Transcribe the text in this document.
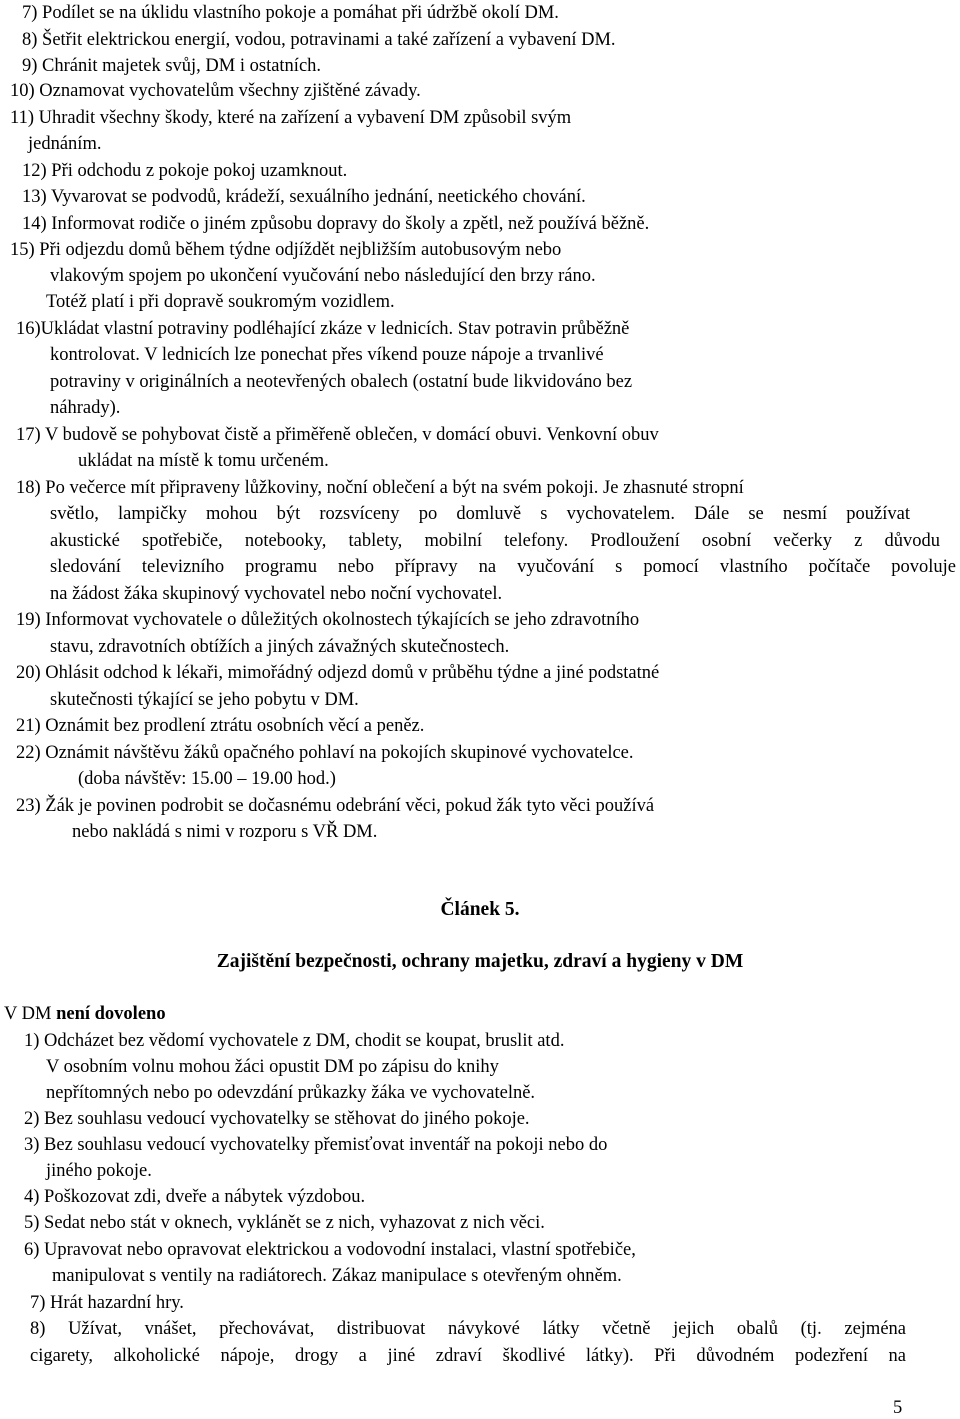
7) Podílet se na úklidu vlastního pokoje a pomáhat při údržbě okolí DM.
8) Šetřit elektrickou energií, vodou, potravinami a také zařízení a vybavení DM.
9) Chránit majetek svůj, DM i ostatních.
10) Oznamovat vychovatelům všechny zjištěné závady.
11) Uhradit všechny škody, které na zařízení a vybavení DM způsobil svým
jednáním.
12) Při odchodu z pokoje pokoj uzamknout.
13) Vyvarovat se podvodů, krádeží, sexuálního jednání, neetického chování.
14) Informovat rodiče o jiném způsobu dopravy do školy a zpětl, než používá běžně.
15) Při odjezdu domů během týdne odjíždět nejbližším autobusovým nebo
vlakovým spojem po ukončení vyučování nebo následující den brzy ráno.
Totéž platí i při dopravě soukromým vozidlem.
16)Ukládat vlastní potraviny podléhající zkáze v lednicích. Stav potravin průběžně
kontrolovat. V lednicích lze ponechat přes víkend pouze nápoje a trvanlivé
potraviny v originálních a neotevřených obalech (ostatní bude likvidováno bez
náhrady).
17) V budově se pohybovat čistě a přiměřeně oblečen, v domácí obuvi. Venkovní obuv
ukládat na místě k tomu určeném.
18) Po večerce mít připraveny lůžkoviny, noční oblečení a být na svém pokoji. Je zhasnuté stropní
světlo, lampičky mohou být rozsvíceny po domluvě s vychovatelem. Dále se nesmí používat
akustické spotřebiče, notebooky, tablety, mobilní telefony. Prodloužení osobní večerky z důvodu
sledování televizního programu nebo přípravy na vyučování s pomocí vlastního počítače povoluje
na žádost žáka skupinový vychovatel nebo noční vychovatel.
19) Informovat vychovatele o důležitých okolnostech týkajících se jeho zdravotního
stavu, zdravotních obtížích a jiných závažných skutečnostech.
20) Ohlásit odchod k lékaři, mimořádný odjezd domů v průběhu týdne a jiné podstatné
skutečnosti týkající se jeho pobytu v DM.
21) Oznámit bez prodlení ztrátu osobních věcí a peněz.
22) Oznámit návštěvu žáků opačného pohlaví na pokojích skupinové vychovatelce.
(doba návštěv: 15.00 – 19.00 hod.)
23) Žák je povinen podrobit se dočasnému odebrání věci, pokud žák tyto věci používá
nebo nakládá s nimi v rozporu s VŘ DM.
Článek 5.
Zajištění bezpečnosti, ochrany majetku, zdraví a hygieny v DM
V DM není dovoleno
1) Odcházet bez vědomí vychovatele z DM, chodit se koupat, bruslit atd.
V osobním volnu mohou žáci opustit DM po zápisu do knihy
nepřítomných nebo po odevzdání průkazky žáka ve vychovatelně.
2) Bez souhlasu vedoucí vychovatelky se stěhovat do jiného pokoje.
3) Bez souhlasu vedoucí vychovatelky přemisťovat inventář na pokoji nebo do
jiného pokoje.
4) Poškozovat zdi, dveře a nábytek výzdobou.
5) Sedat nebo stát v oknech, vyklánět se z nich, vyhazovat z nich věci.
6) Upravovat nebo opravovat elektrickou a vodovodní instalaci, vlastní spotřebiče,
manipulovat s ventily na radiátorech. Zákaz manipulace s otevřeným ohněm.
7) Hrát hazardní hry.
8) Užívat, vnášet, přechovávat, distribuovat návykové látky včetně jejich obalů (tj. zejména
cigarety, alkoholické nápoje, drogy a jiné zdraví škodlivé látky). Při důvodném podezření na
5
